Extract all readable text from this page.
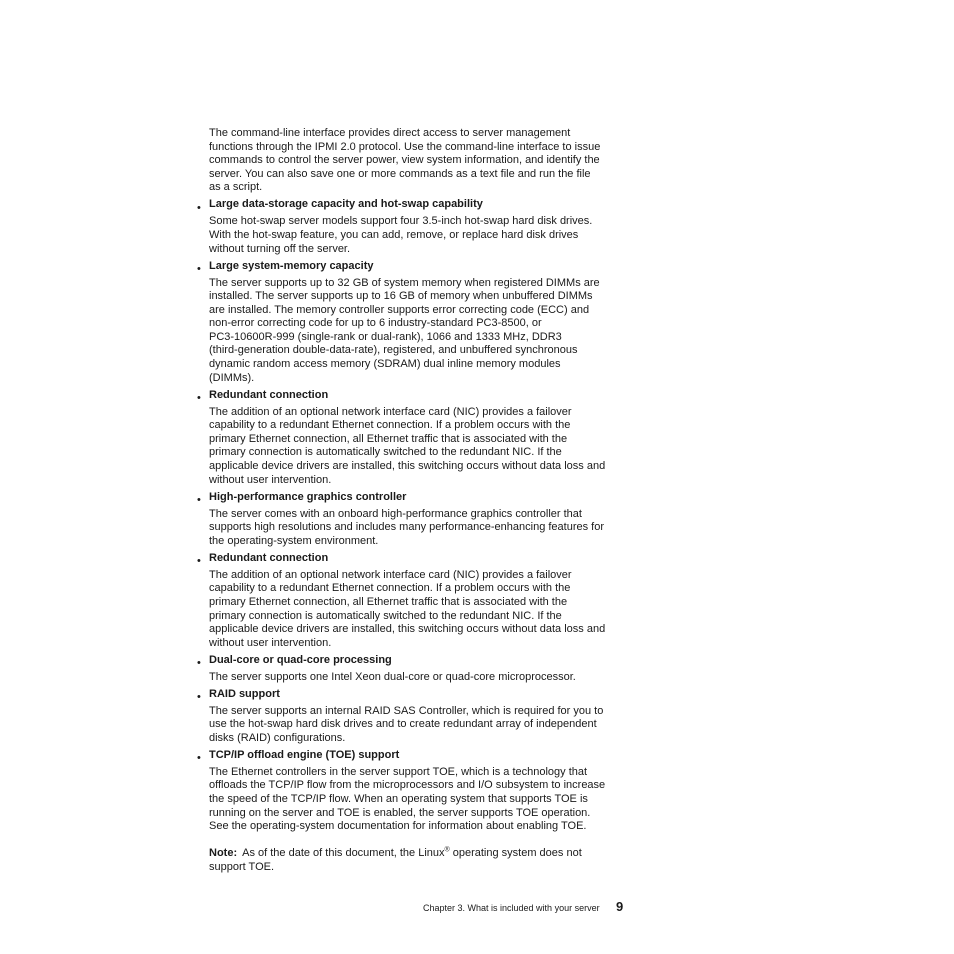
The command-line interface provides direct access to server management
functions through the IPMI 2.0 protocol. Use the command-line interface to issue
commands to control the server power, view system information, and identify the
server. You can also save one or more commands as a text file and run the file
as a script.
• Large data-storage capacity and hot-swap capability
Some hot-swap server models support four 3.5-inch hot-swap hard disk drives.
With the hot-swap feature, you can add, remove, or replace hard disk drives
without turning off the server.
• Large system-memory capacity
The server supports up to 32 GB of system memory when registered DIMMs are
installed. The server supports up to 16 GB of memory when unbuffered DIMMs
are installed. The memory controller supports error correcting code (ECC) and
non-error correcting code for up to 6 industry-standard PC3-8500, or
PC3-10600R-999 (single-rank or dual-rank), 1066 and 1333 MHz, DDR3
(third-generation double-data-rate), registered, and unbuffered synchronous
dynamic random access memory (SDRAM) dual inline memory modules
(DIMMs).
• Redundant connection
The addition of an optional network interface card (NIC) provides a failover
capability to a redundant Ethernet connection. If a problem occurs with the
primary Ethernet connection, all Ethernet traffic that is associated with the
primary connection is automatically switched to the redundant NIC. If the
applicable device drivers are installed, this switching occurs without data loss and
without user intervention.
• High-performance graphics controller
The server comes with an onboard high-performance graphics controller that
supports high resolutions and includes many performance-enhancing features for
the operating-system environment.
• Redundant connection
The addition of an optional network interface card (NIC) provides a failover
capability to a redundant Ethernet connection. If a problem occurs with the
primary Ethernet connection, all Ethernet traffic that is associated with the
primary connection is automatically switched to the redundant NIC. If the
applicable device drivers are installed, this switching occurs without data loss and
without user intervention.
• Dual-core or quad-core processing
The server supports one Intel Xeon dual-core or quad-core microprocessor.
• RAID support
The server supports an internal RAID SAS Controller, which is required for you to
use the hot-swap hard disk drives and to create redundant array of independent
disks (RAID) configurations.
• TCP/IP offload engine (TOE) support
The Ethernet controllers in the server support TOE, which is a technology that
offloads the TCP/IP flow from the microprocessors and I/O subsystem to increase
the speed of the TCP/IP flow. When an operating system that supports TOE is
running on the server and TOE is enabled, the server supports TOE operation.
See the operating-system documentation for information about enabling TOE.
Note: As of the date of this document, the Linux® operating system does not
support TOE.
Chapter 3. What is included with your server 9
